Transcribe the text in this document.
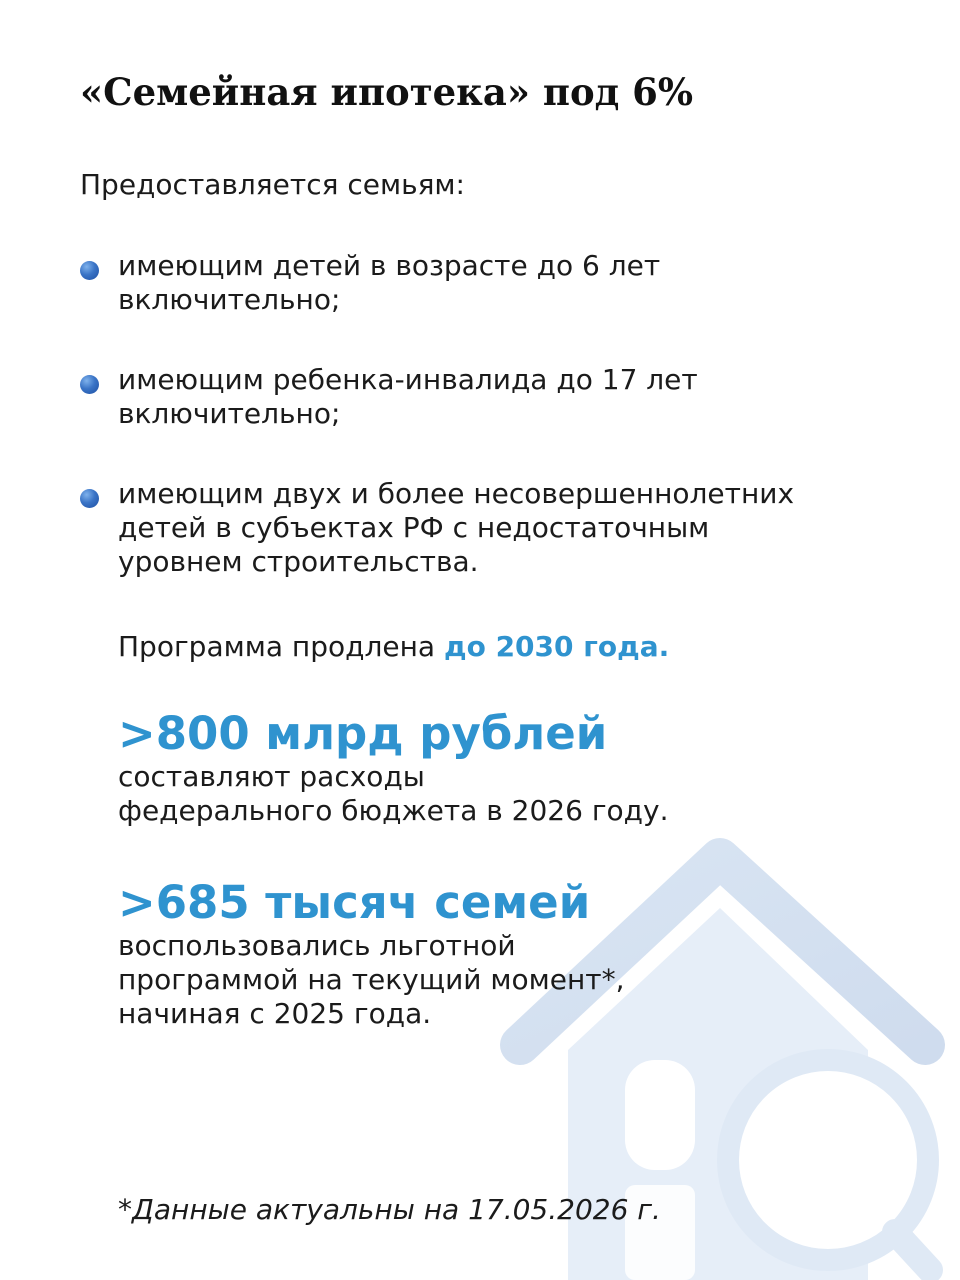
«Семейная ипотека» под 6%

Предоставляется семьям:

имеющим детей в возрасте до 6 лет
включительно;

имеющим ребенка-инвалида до 17 лет
включительно;

имеющим двух и более несовершеннолетних
детей в субъектах РФ с недостаточным
уровнем строительства.

Программа продлена до 2030 года.

>800 млрд рублей

составляют расходы
федерального бюджета в 2026 году.

>685 тысяч семей

воспользовались льготной
программой на текущий момент*,
начиная с 2025 года.

*Данные актуальны на 17.05.2026 г.
